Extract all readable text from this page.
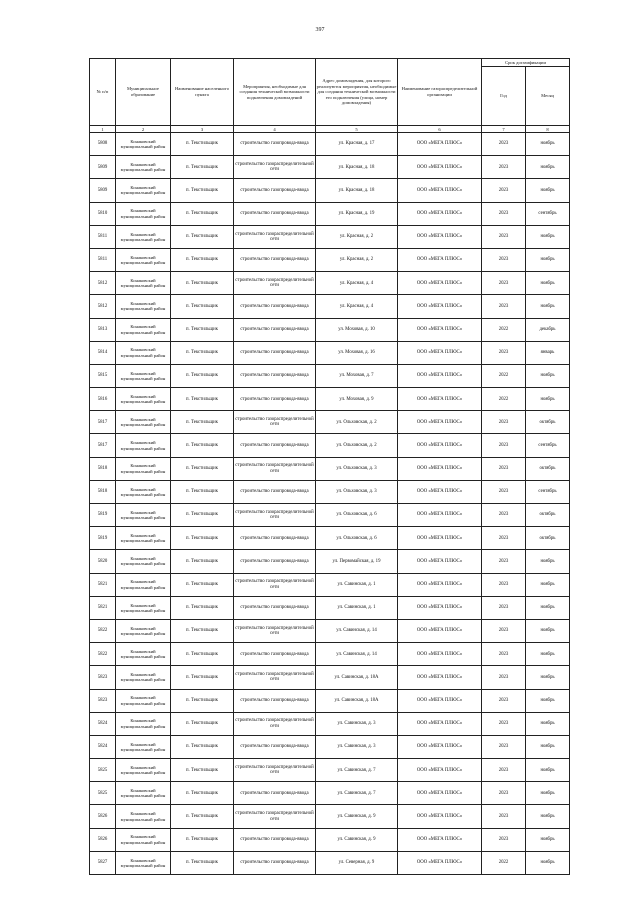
397
№ п/п	Муниципальное образование	Наименование населенного пункта	Мероприятия, необходимые для создания технической возможности подключения домовладений	Адрес домовладения, для которого реализуются мероприятия, необходимые для создания технической возможности его подключения (улица, номер домовладения)	Наименование газораспределительной организации	Срок догазификации	
						Год	Месяц
1	2	3	4	5	6	7	8
5808	Конаковский муниципальный район	п. Текстильщик	строительство газопровода-ввода	ул. Красная, д. 17	ООО «МЕГА ПЛЮС»	2023	ноябрь
5809	Конаковский муниципальный район	п. Текстильщик	строительство газораспределительной сети	ул. Красная, д. 18	ООО «МЕГА ПЛЮС»	2023	ноябрь
5809	Конаковский муниципальный район	п. Текстильщик	строительство газопровода-ввода	ул. Красная, д. 18	ООО «МЕГА ПЛЮС»	2023	ноябрь
5810	Конаковский муниципальный район	п. Текстильщик	строительство газопровода-ввода	ул. Красная, д. 19	ООО «МЕГА ПЛЮС»	2023	сентябрь
5811	Конаковский муниципальный район	п. Текстильщик	строительство газораспределительной сети	ул. Красная, д. 2	ООО «МЕГА ПЛЮС»	2023	ноябрь
5811	Конаковский муниципальный район	п. Текстильщик	строительство газопровода-ввода	ул. Красная, д. 2	ООО «МЕГА ПЛЮС»	2023	ноябрь
5812	Конаковский муниципальный район	п. Текстильщик	строительство газораспределительной сети	ул. Красная, д. 4	ООО «МЕГА ПЛЮС»	2023	ноябрь
5812	Конаковский муниципальный район	п. Текстильщик	строительство газопровода-ввода	ул. Красная, д. 4	ООО «МЕГА ПЛЮС»	2023	ноябрь
5813	Конаковский муниципальный район	п. Текстильщик	строительство газопровода-ввода	ул. Моховая, д. 10	ООО «МЕГА ПЛЮС»	2022	декабрь
5814	Конаковский муниципальный район	п. Текстильщик	строительство газопровода-ввода	ул. Моховая, д. 16	ООО «МЕГА ПЛЮС»	2023	январь
5815	Конаковский муниципальный район	п. Текстильщик	строительство газопровода-ввода	ул. Моховая, д. 7	ООО «МЕГА ПЛЮС»	2022	ноябрь
5816	Конаковский муниципальный район	п. Текстильщик	строительство газопровода-ввода	ул. Моховая, д. 9	ООО «МЕГА ПЛЮС»	2022	ноябрь
5817	Конаковский муниципальный район	п. Текстильщик	строительство газораспределительной сети	ул. Ольховская, д. 2	ООО «МЕГА ПЛЮС»	2023	октябрь
5817	Конаковский муниципальный район	п. Текстильщик	строительство газопровода-ввода	ул. Ольховская, д. 2	ООО «МЕГА ПЛЮС»	2023	сентябрь
5818	Конаковский муниципальный район	п. Текстильщик	строительство газораспределительной сети	ул. Ольховская, д. 3	ООО «МЕГА ПЛЮС»	2023	октябрь
5818	Конаковский муниципальный район	п. Текстильщик	строительство газопровода-ввода	ул. Ольховская, д. 3	ООО «МЕГА ПЛЮС»	2023	сентябрь
5819	Конаковский муниципальный район	п. Текстильщик	строительство газораспределительной сети	ул. Ольховская, д. 6	ООО «МЕГА ПЛЮС»	2023	октябрь
5819	Конаковский муниципальный район	п. Текстильщик	строительство газопровода-ввода	ул. Ольховская, д. 6	ООО «МЕГА ПЛЮС»	2023	октябрь
5820	Конаковский муниципальный район	п. Текстильщик	строительство газопровода-ввода	ул. Первомайская, д. 19	ООО «МЕГА ПЛЮС»	2023	ноябрь
5821	Конаковский муниципальный район	п. Текстильщик	строительство газораспределительной сети	ул. Савинская, д. 1	ООО «МЕГА ПЛЮС»	2023	ноябрь
5821	Конаковский муниципальный район	п. Текстильщик	строительство газопровода-ввода	ул. Савинская, д. 1	ООО «МЕГА ПЛЮС»	2023	ноябрь
5822	Конаковский муниципальный район	п. Текстильщик	строительство газораспределительной сети	ул. Савинская, д. 14	ООО «МЕГА ПЛЮС»	2023	ноябрь
5822	Конаковский муниципальный район	п. Текстильщик	строительство газопровода-ввода	ул. Савинская, д. 14	ООО «МЕГА ПЛЮС»	2023	ноябрь
5823	Конаковский муниципальный район	п. Текстильщик	строительство газораспределительной сети	ул. Савинская, д. 18А	ООО «МЕГА ПЛЮС»	2023	ноябрь
5823	Конаковский муниципальный район	п. Текстильщик	строительство газопровода-ввода	ул. Савинская, д. 18А	ООО «МЕГА ПЛЮС»	2023	ноябрь
5824	Конаковский муниципальный район	п. Текстильщик	строительство газораспределительной сети	ул. Савинская, д. 3	ООО «МЕГА ПЛЮС»	2023	ноябрь
5824	Конаковский муниципальный район	п. Текстильщик	строительство газопровода-ввода	ул. Савинская, д. 3	ООО «МЕГА ПЛЮС»	2023	ноябрь
5825	Конаковский муниципальный район	п. Текстильщик	строительство газораспределительной сети	ул. Савинская, д. 7	ООО «МЕГА ПЛЮС»	2023	ноябрь
5825	Конаковский муниципальный район	п. Текстильщик	строительство газопровода-ввода	ул. Савинская, д. 7	ООО «МЕГА ПЛЮС»	2023	ноябрь
5826	Конаковский муниципальный район	п. Текстильщик	строительство газораспределительной сети	ул. Савинская, д. 9	ООО «МЕГА ПЛЮС»	2023	ноябрь
5826	Конаковский муниципальный район	п. Текстильщик	строительство газопровода-ввода	ул. Савинская, д. 9	ООО «МЕГА ПЛЮС»	2023	ноябрь
5827	Конаковский муниципальный район	п. Текстильщик	строительство газопровода-ввода	ул. Северная, д. 9	ООО «МЕГА ПЛЮС»	2022	ноябрь
